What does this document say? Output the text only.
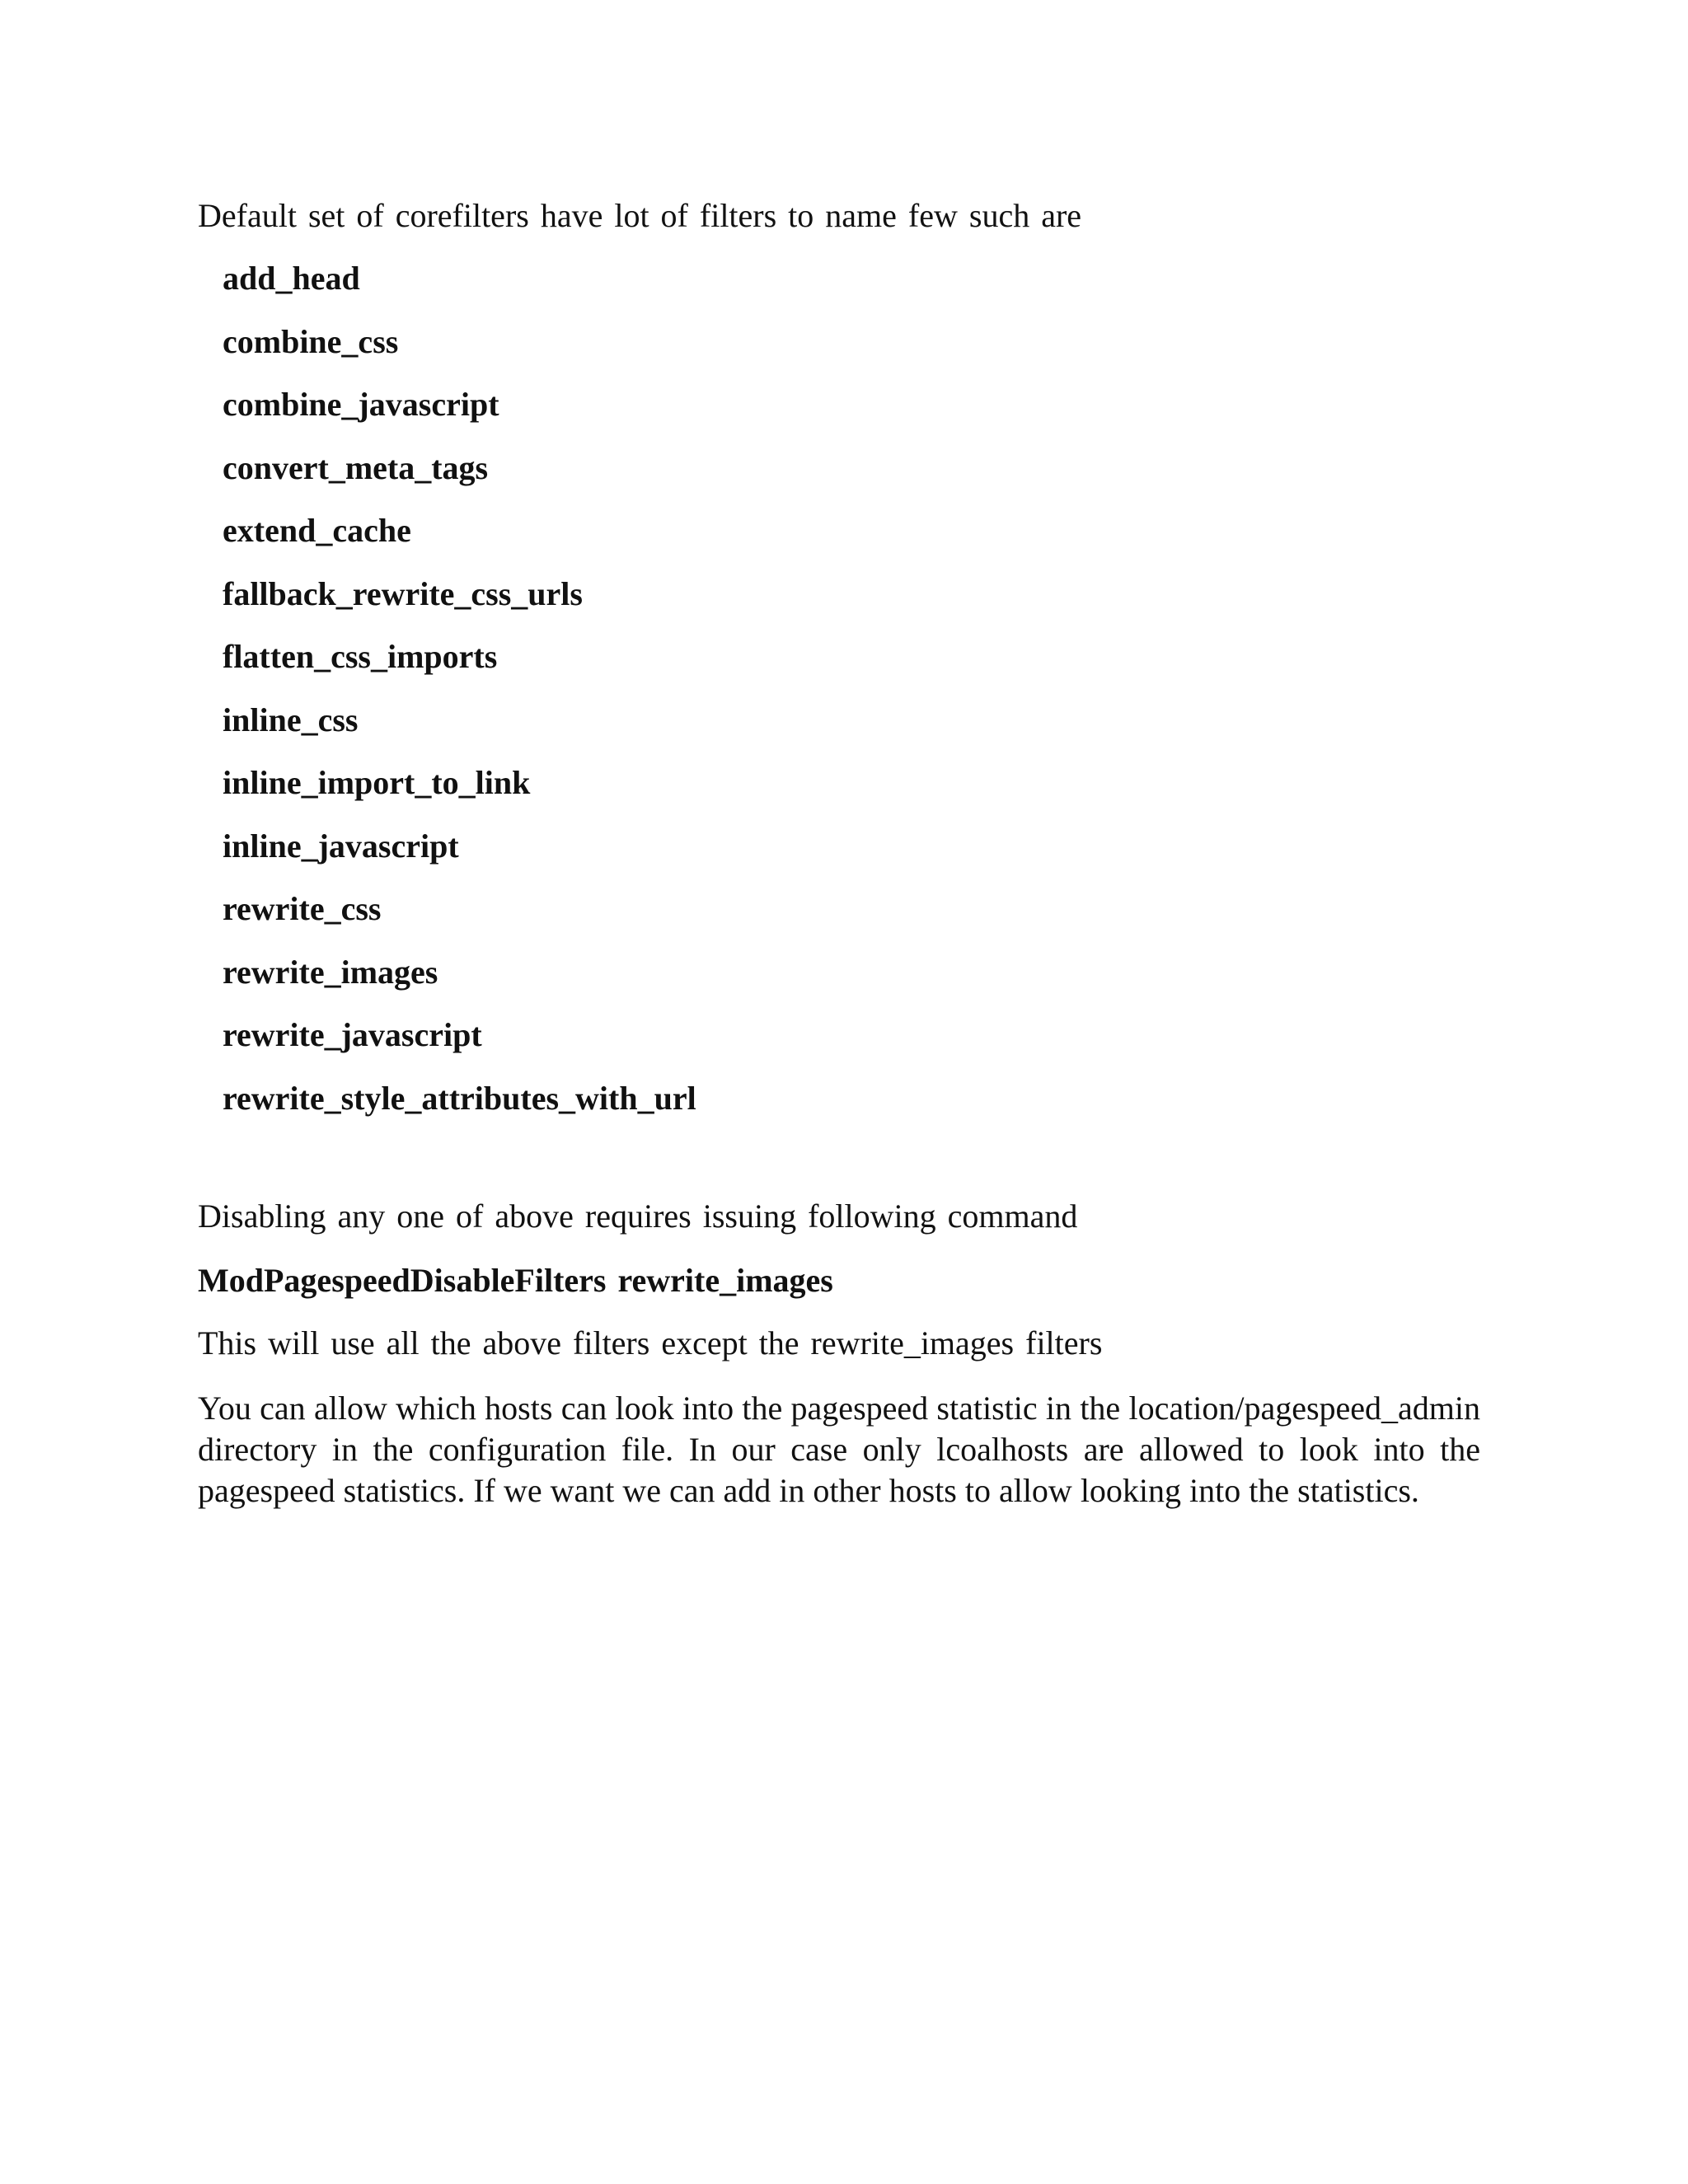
Default set of corefilters have lot of filters to name few such are
add_head
combine_css
combine_javascript
convert_meta_tags
extend_cache
fallback_rewrite_css_urls
flatten_css_imports
inline_css
inline_import_to_link
inline_javascript
rewrite_css
rewrite_images
rewrite_javascript
rewrite_style_attributes_with_url
Disabling any one of above requires issuing following command
ModPagespeedDisableFilters rewrite_images
This will use all the above filters except the rewrite_images filters
You can allow which hosts can look into the pagespeed statistic in the location/pagespeed_admin directory in the configuration file. In our case only lcoalhosts are allowed to look into the pagespeed statistics. If we want we can add in other hosts to allow looking into the statistics.
